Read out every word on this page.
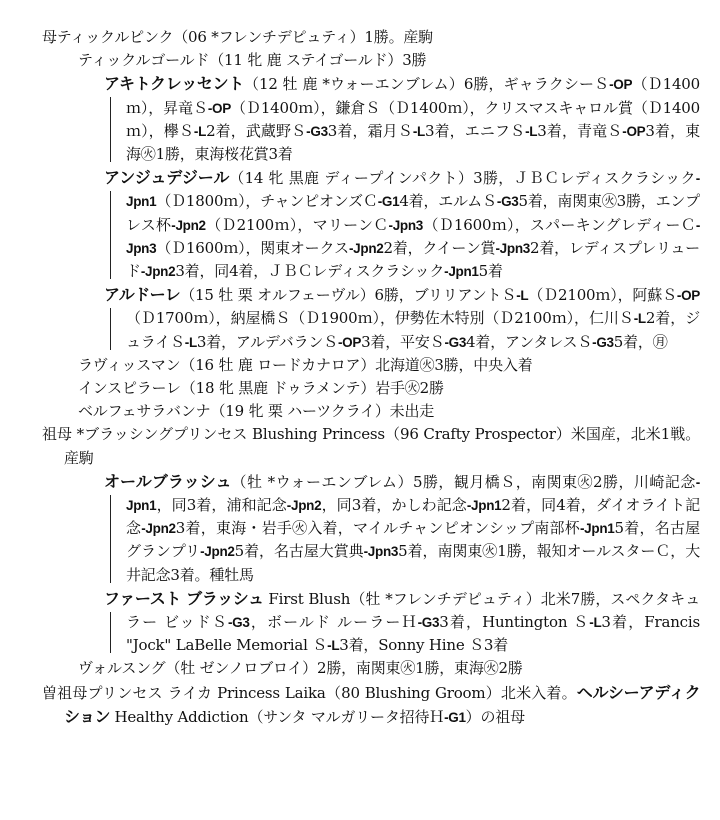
母ティックルピンク（06 *フレンチデピュティ）1勝。産駒

ティックルゴールド（11 牝 鹿 ステイゴールド）3勝

アキトクレッセント（12 牡 鹿 *ウォーエンブレム）6勝，ギャラクシーＳ-OP（Ｄ1400ｍ），昇竜Ｓ-OP（Ｄ1400ｍ），鎌倉Ｓ（Ｄ1400ｍ），クリスマスキャロル賞（Ｄ1400ｍ），欅Ｓ-L2着，武蔵野Ｓ-G33着，霜月Ｓ-L3着，エニフＳ-L3着，青竜Ｓ-OP3着，東海㊋1勝，東海桜花賞3着

アンジュデジール（14 牝 黒鹿 ディープインパクト）3勝，ＪＢＣレディスクラシック-Jpn1（Ｄ1800ｍ），チャンピオンズＣ-G14着，エルムＳ-G35着，南関東㊋3勝，エンプレス杯-Jpn2（Ｄ2100ｍ），マリーンＣ-Jpn3（Ｄ1600ｍ），スパーキングレディーＣ-Jpn3（Ｄ1600ｍ），関東オークス-Jpn22着，クイーン賞-Jpn32着，レディスプレリュード-Jpn23着，同4着，ＪＢＣレディスクラシック-Jpn15着

アルドーレ（15 牡 栗 オルフェーヴル）6勝，ブリリアントＳ-L（Ｄ2100ｍ），阿蘇Ｓ-OP（Ｄ1700ｍ），納屋橋Ｓ（Ｄ1900ｍ），伊勢佐木特別（Ｄ2100ｍ），仁川Ｓ-L2着，ジュライＳ-L3着，アルデバランＳ-OP3着，平安Ｓ-G34着，アンタレスＳ-G35着，㊊

ラヴィッスマン（16 牡 鹿 ロードカナロア）北海道㊋3勝，中央入着

インスピラーレ（18 牝 黒鹿 ドゥラメンテ）岩手㊋2勝

ベルフェサラバンナ（19 牝 栗 ハーツクライ）未出走

祖母 *ブラッシングプリンセス Blushing Princess（96 Crafty Prospector）米国産，北米1戦。産駒

オールブラッシュ（牡 *ウォーエンブレム）5勝，観月橋Ｓ，南関東㊋2勝，川崎記念-Jpn1，同3着，浦和記念-Jpn2，同3着，かしわ記念-Jpn12着，同4着，ダイオライト記念-Jpn23着，東海・岩手㊋入着，マイルチャンピオンシップ南部杯-Jpn15着，名古屋グランプリ-Jpn25着，名古屋大賞典-Jpn35着，南関東㊋1勝，報知オールスターＣ，大井記念3着。種牡馬

ファースト ブラッシュ First Blush（牡 *フレンチデピュティ）北米7勝，スペクタキュラー ビッドＳ-G3，ボールド ルーラーＨ-G33着，Huntington Ｓ-L3着，Francis "Jock" LaBelle Memorial Ｓ-L3着，Sonny Hine Ｓ3着

ヴォルスング（牡 ゼンノロブロイ）2勝，南関東㊋1勝，東海㊋2勝

曽祖母プリンセス ライカ Princess Laika（80 Blushing Groom）北米入着。ヘルシーアディクション Healthy Addiction（サンタ マルガリータ招待Ｈ-G1）の祖母
